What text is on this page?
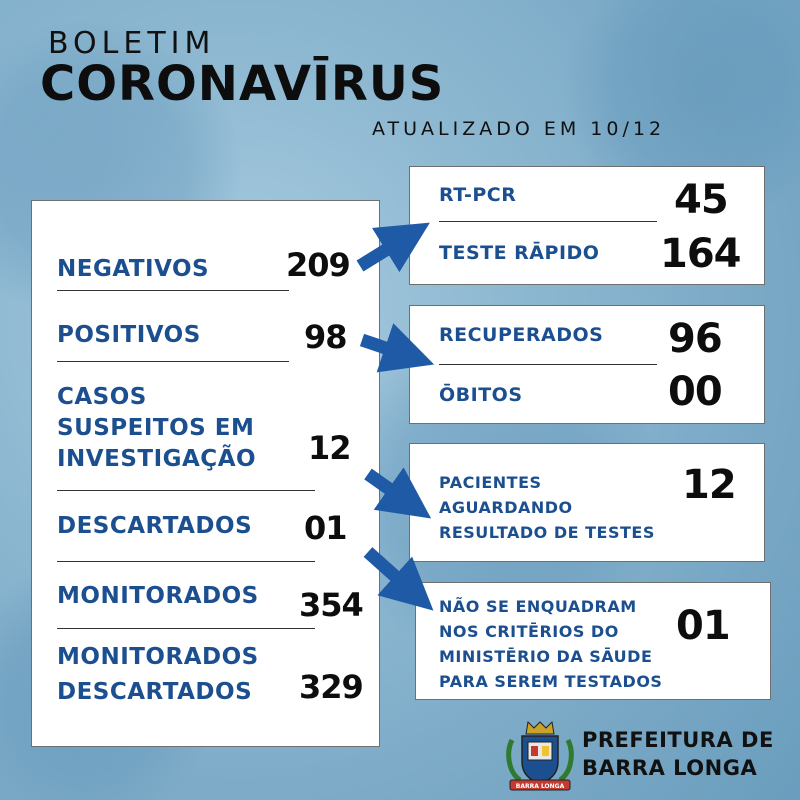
BOLETIM
CORONAVĪRUS
ATUALIZADO EM 10/12
NEGATIVOS 209
POSITIVOS	98
CASOS
SUSPEITOS EM
INVESTIGAÇÃO 12
DESCARTADOS 01
MONITORADOS 354
MONITORADOS
DESCARTADOS 329
RT-PCR	45
TESTE RĀPIDO 164
RECUPERADOS 96
ŌBITOS	00
PACIENTES
AGUARDANDO
RESULTADO DE TESTES
12
NÃO SE ENQUADRAM
NOS CRITĒRIOS DO
MINISTĒRIO DA SĀUDE
PARA SEREM TESTADOS
01
BARRA LONGA
PREFEITURA DE
BARRA LONGA
